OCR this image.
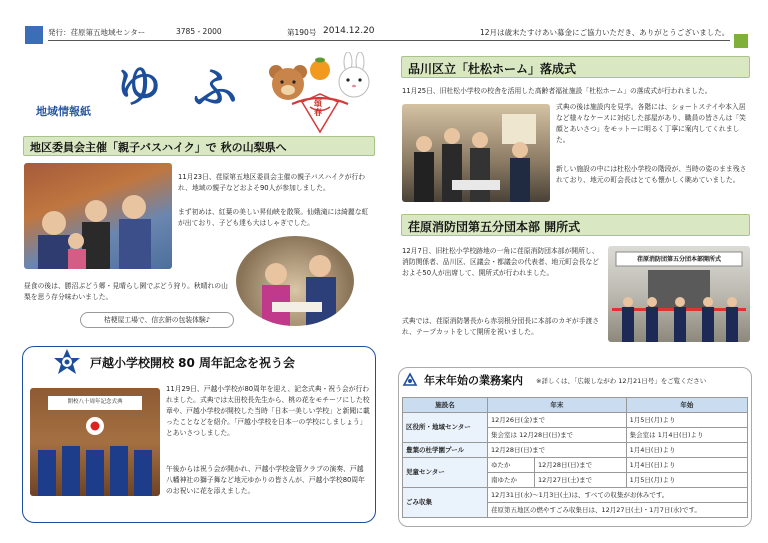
発行：荏原第五地域センター	3785 - 2000	第190号 2014.12.20	12月は歳末たすけあい募金にご協力いただき、ありがとうございました。
地域情報紙 ゆ ふ	頌春
地区委員会主催「親子バスハイク」で 秋の山梨県へ
11月23日、荏原第五地区委員会主催の親子バスハイクが行われ、地域の親子などおよそ90人が参加しました。
まず初めは、紅葉の美しい昇仙峡を散策。仙娥滝には綺麗な虹が出ており、子ども達も大はしゃぎでした。
昼食の後は、勝沼ぶどう郷・見晴らし園でぶどう狩り。秋晴れの山梨を思う存分味わいました。
桔梗屋工場で、信玄餅の包装体験♪
戸越小学校開校 80 周年記念を祝う会
開校八十周年記念式典
11月29日、戸越小学校が80周年を迎え、記念式典・祝う会が行われました。式典では太田校長先生から、桃の花をモチーフにした校章や、戸越小学校が開校した当時「日本一美しい学校」と新聞に載ったことなどを紹介。「戸越小学校を日本一の学校にしましょう」とあいさつしました。
午後からは祝う会が開かれ、戸越小学校金管クラブの演奏、戸越八幡神社の獅子舞など地元ゆかりの皆さんが、戸越小学校80周年のお祝いに花を添えました。
品川区立「杜松ホーム」落成式
11月25日、旧杜松小学校の校舎を活用した高齢者福祉施設「杜松ホーム」の落成式が行われました。
式典の後は施設内を見学。各階には、ショートステイや本入居など様々なケースに対応した部屋があり、職員の皆さんは「笑顔とあいさつ」をモットーに明るく丁寧に案内してくれました。
新しい施設の中には杜松小学校の階段が、当時の姿のまま残されており、地元の町会長はとても懐かしく眺めていました。
荏原消防団第五分団本部 開所式
12月7日、旧杜松小学校跡地の一角に荏原消防団本部が開所し、消防関係者、品川区、区議会・都議会の代表者、地元町会長などおよそ50人が出席して、開所式が行われました。
式典では、荏原消防署長から赤羽根分団長に本部のカギが手渡され、テープカットをして開所を祝いました。
荏原消防団第五分団本部開所式
年末年始の業務案内 ※詳しくは、「広報しながわ 12月21日号」をご覧ください
施設名	年末		年始
区役所・地域センター	12月26日(金)まで		1月5日(月)より
	集会室は 12月28日(日)まで		集会室は 1月4日(日)より
豊葉の杜学園プール	12月28日(日)まで		1月4日(日)より
児童センター	ゆたか	12月28日(日)まで	1月4日(日)より
	南ゆたか	12月27日(土)まで	1月5日(月)より
ごみ収集	12月31日(水)～1月3日(土)は、すべての収集がお休みです。		
	荏原第五地区の燃やすごみ収集日は、12月27日(土)・1月7日(水)です。		
